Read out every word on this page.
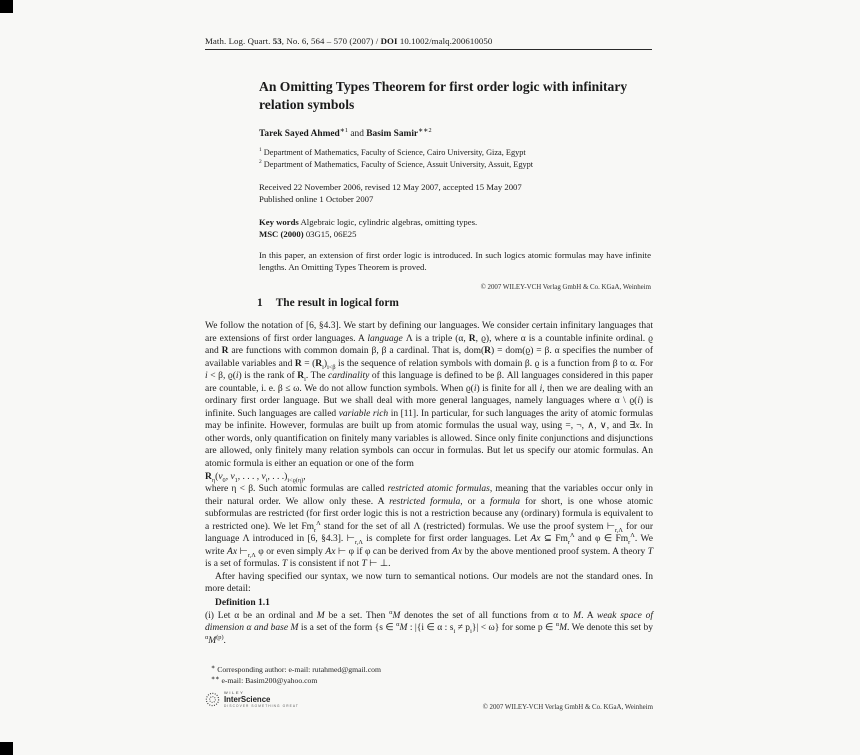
Math. Log. Quart. 53, No. 6, 564 – 570 (2007) / DOI 10.1002/malq.200610050
An Omitting Types Theorem for first order logic with infinitary relation symbols
Tarek Sayed Ahmed$^{∗1}$ and Basim Samir$^{∗∗2}$
$^1$ Department of Mathematics, Faculty of Science, Cairo University, Giza, Egypt
$^2$ Department of Mathematics, Faculty of Science, Assuit University, Assuit, Egypt
Received 22 November 2006, revised 12 May 2007, accepted 15 May 2007
Published online 1 October 2007
Key words Algebraic logic, cylindric algebras, omitting types.
MSC (2000) 03G15, 06E25

In this paper, an extension of first order logic is introduced. In such logics atomic formulas may have infinite lengths. An Omitting Types Theorem is proved.

© 2007 WILEY-VCH Verlag GmbH & Co. KGaA, Weinheim
1 The result in logical form

We follow the notation of [6, §4.3]. We start by defining our languages. We consider certain infinitary languages that are extensions of first order languages. A language Λ is a triple (α, R, ϱ), where α is a countable infinite ordinal. ϱ and R are functions with common domain β, β a cardinal. That is, dom(R) = dom(ϱ) = β. α specifies the number of available variables and $R = (R_i)_{i<\beta}$ is the sequence of relation symbols with domain β. ϱ is a function from β to α. For i < β, ϱ(i) is the rank of $R_i$. The cardinality of this language is defined to be β. All languages considered in this paper are countable, i. e. β ≤ ω. We do not allow function symbols. When ϱ(i) is finite for all i, then we are dealing with an ordinary first order language. But we shall deal with more general languages, namely languages where α \ ϱ(i) is infinite. Such languages are called variable rich in [11]. In particular, for such languages the arity of atomic formulas may be infinite. However, formulas are built up from atomic formulas the usual way, using =, ¬, ∧, ∨, and ∃x. In other words, only quantification on finitely many variables is allowed. Since only finite conjunctions and disjunctions are allowed, only finitely many relation symbols can occur in formulas. But let us specify our atomic formulas. An atomic formula is either an equation or one of the form

$R_\eta(v_0$, $v_1$, . . . , $v_i$, . . $.)_{i<ϱ(\eta)}$,

where η < β. Such atomic formulas are called restricted atomic formulas, meaning that the variables occur only in their natural order. We allow only these. A restricted formula, or a formula for short, is one whose atomic subformulas are restricted (for first order logic this is not a restriction because any (ordinary) formula is equivalent to a restricted one). We let $Fm_r^\Lambda$ stand for the set of all Λ (restricted) formulas. We use the proof system $⊢_{r,\Lambda}$ for our language Λ introduced in [6, §4.3]. $⊢_{r,\Lambda}$ is complete for first order languages. Let Ax ⊆ $Fm_r^\Lambda$ and φ ∈ $Fm_r^\Lambda$. We write Ax $⊢_{r,\Lambda}$ φ or even simply Ax ⊢ φ if φ can be derived from Ax by the above mentioned proof system. A theory T is a set of formulas. T is consistent if not T ⊢ ⊥.

After having specified our syntax, we now turn to semantical notions. Our models are not the standard ones. In more detail:

Definition 1.1

(i) Let α be an ordinal and M be a set. Then $^\alpha$M denotes the set of all functions from α to M. A weak space of dimension α and base M is a set of the form {s ∈ $^\alpha$M : |{i ∈ α : $s_i \ne p_i\}| < \omega$} for some p ∈ $^\alpha$M. We denote this set by $^\alpha M^{(p)}$.

∗ Corresponding author: e-mail: rutahmed@gmail.com
∗∗ e-mail: Basim200@yahoo.com
WILEY
InterScience
DISCOVER SOMETHING GREAT	© 2007 WILEY-VCH Verlag GmbH & Co. KGaA, Weinheim
